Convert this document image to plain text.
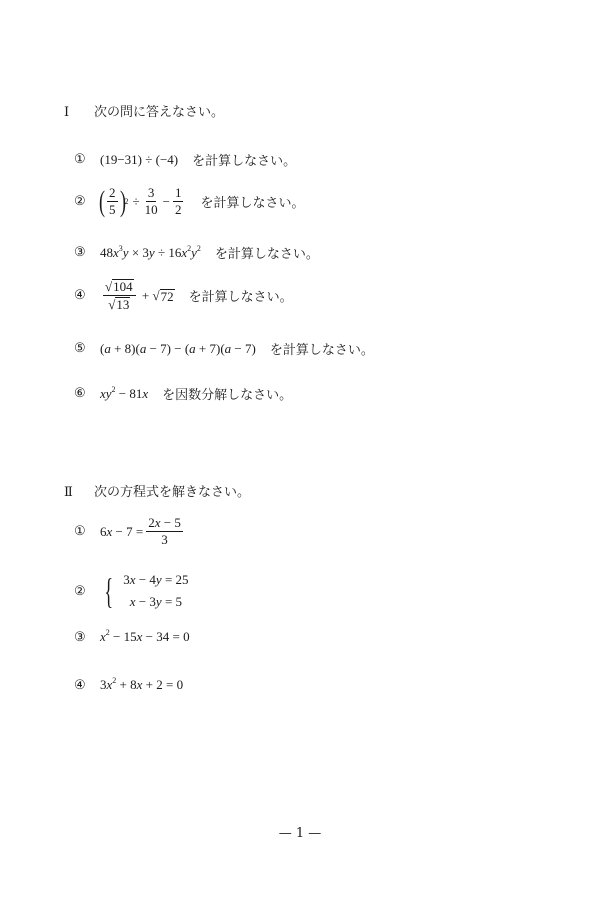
Ⅰ 次の問に答えなさい。
①	(19−31) ÷ (−4) を計算しなさい。
② ( $\frac{2}{5}$ ) $2 \div \frac{3}{10} - \frac{1}{2}$ を計算しなさい。
③	$48x^3y \times 3y \div 16x^2y^2$ を計算しなさい。
④	$\frac{√ 104}{√ 13}$ + √ 72 を計算しなさい。
⑤	(a + 8)(a − 7) − (a + 7)(a − 7) を計算しなさい。
⑥	$xy^2 - 81x$ を因数分解しなさい。
Ⅱ 次の方程式を解きなさい。
①	6 $x - 7 = \frac{2x - 5}{3}$
② { 3x − 4y = 25
x − 3y = 5
③	$x^2 - 15x - 34 = 0$
④	$3x^2 + 8x + 2 = 0$
— 1 —
